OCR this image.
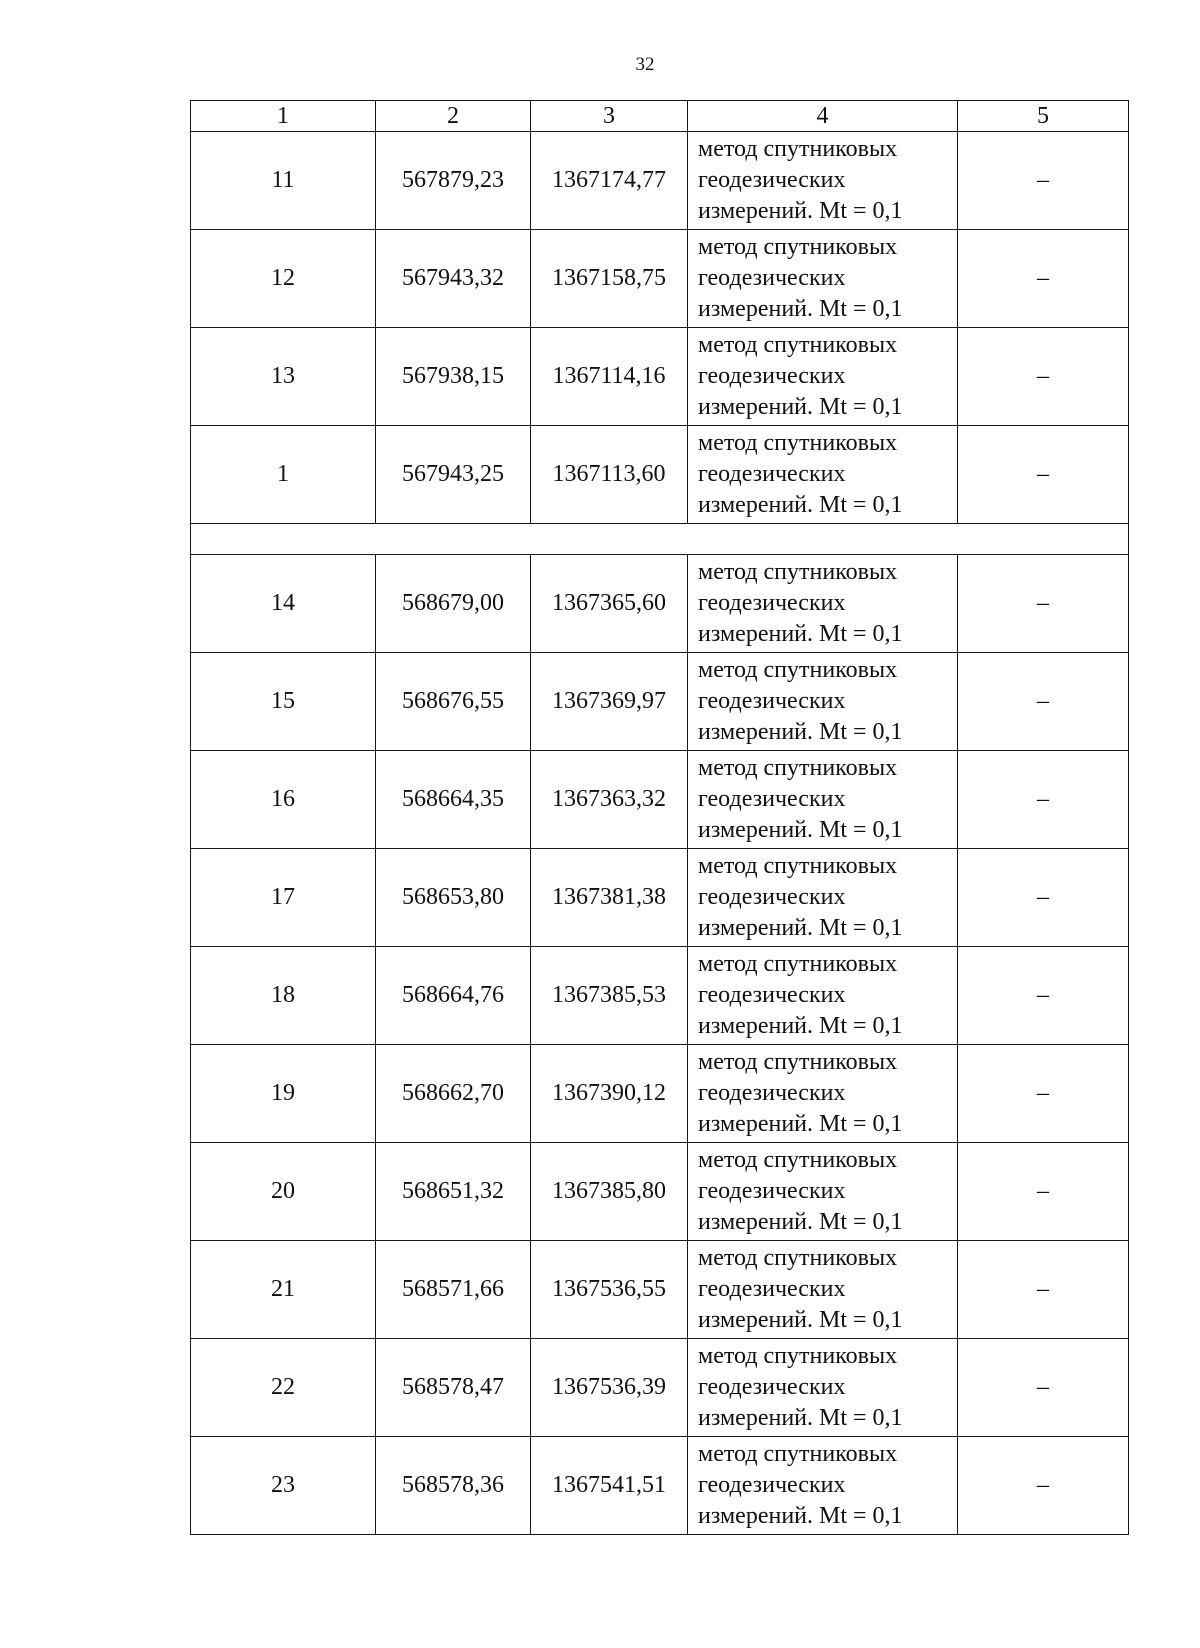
32
1	2	3	4	5
11	567879,23	1367174,77	метод спутниковых
геодезических
измерений. Mt = 0,1	–
12	567943,32	1367158,75	метод спутниковых
геодезических
измерений. Mt = 0,1	–
13	567938,15	1367114,16	метод спутниковых
геодезических
измерений. Mt = 0,1	–
1	567943,25	1367113,60	метод спутниковых
геодезических
измерений. Mt = 0,1	–

14	568679,00	1367365,60	метод спутниковых
геодезических
измерений. Mt = 0,1	–
15	568676,55	1367369,97	метод спутниковых
геодезических
измерений. Mt = 0,1	–
16	568664,35	1367363,32	метод спутниковых
геодезических
измерений. Mt = 0,1	–
17	568653,80	1367381,38	метод спутниковых
геодезических
измерений. Mt = 0,1	–
18	568664,76	1367385,53	метод спутниковых
геодезических
измерений. Mt = 0,1	–
19	568662,70	1367390,12	метод спутниковых
геодезических
измерений. Mt = 0,1	–
20	568651,32	1367385,80	метод спутниковых
геодезических
измерений. Mt = 0,1	–
21	568571,66	1367536,55	метод спутниковых
геодезических
измерений. Mt = 0,1	–
22	568578,47	1367536,39	метод спутниковых
геодезических
измерений. Mt = 0,1	–
23	568578,36	1367541,51	метод спутниковых
геодезических
измерений. Mt = 0,1	–
